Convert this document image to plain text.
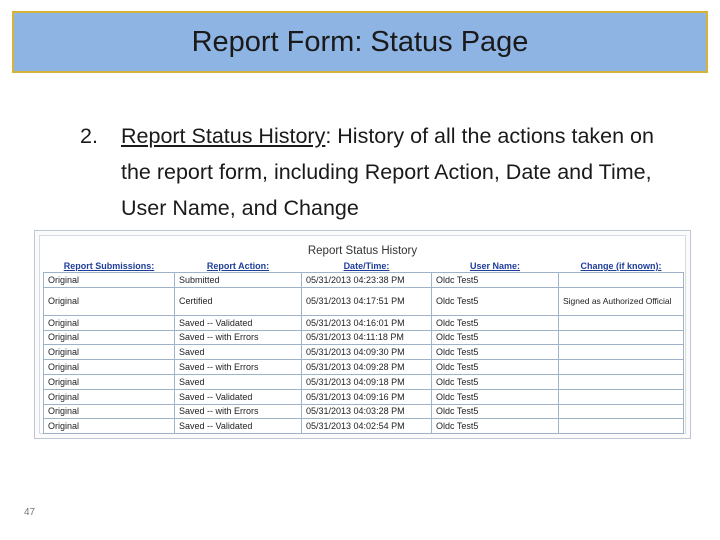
Report Form: Status Page
2. Report Status History: History of all the actions taken on the report form, including Report Action, Date and Time, User Name, and Change
Report Status History
Report Submissions:	Report Action:	Date/Time:	User Name:	Change (if known):
Original	Submitted	05/31/2013 04:23:38 PM	Oldc Test5	
Original	Certified	05/31/2013 04:17:51 PM	Oldc Test5	Signed as Authorized Official
Original	Saved -- Validated	05/31/2013 04:16:01 PM	Oldc Test5	
Original	Saved -- with Errors	05/31/2013 04:11:18 PM	Oldc Test5	
Original	Saved	05/31/2013 04:09:30 PM	Oldc Test5	
Original	Saved -- with Errors	05/31/2013 04:09:28 PM	Oldc Test5	
Original	Saved	05/31/2013 04:09:18 PM	Oldc Test5	
Original	Saved -- Validated	05/31/2013 04:09:16 PM	Oldc Test5	
Original	Saved -- with Errors	05/31/2013 04:03:28 PM	Oldc Test5	
Original	Saved -- Validated	05/31/2013 04:02:54 PM	Oldc Test5	
47
